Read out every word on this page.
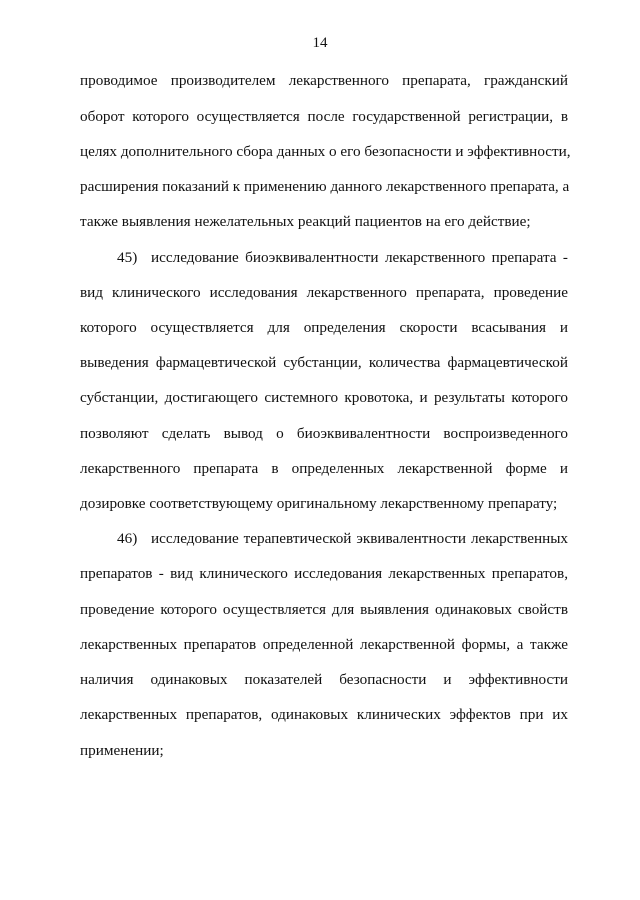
14
проводимое производителем лекарственного препарата, гражданский
оборот которого осуществляется после государственной регистрации, в
целях дополнительного сбора данных о его безопасности и эффективности,
расширения показаний к применению данного лекарственного препарата, а
также выявления нежелательных реакций пациентов на его действие;
45) исследование биоэквивалентности лекарственного препарата -
вид клинического исследования лекарственного препарата, проведение
которого осуществляется для определения скорости всасывания и
выведения фармацевтической субстанции, количества фармацевтической
субстанции, достигающего системного кровотока, и результаты которого
позволяют сделать вывод о биоэквивалентности воспроизведенного
лекарственного препарата в определенных лекарственной форме и
дозировке соответствующему оригинальному лекарственному препарату;
46) исследование терапевтической эквивалентности лекарственных
препаратов - вид клинического исследования лекарственных препаратов,
проведение которого осуществляется для выявления одинаковых свойств
лекарственных препаратов определенной лекарственной формы, а также
наличия одинаковых показателей безопасности и эффективности
лекарственных препаратов, одинаковых клинических эффектов при их
применении;
